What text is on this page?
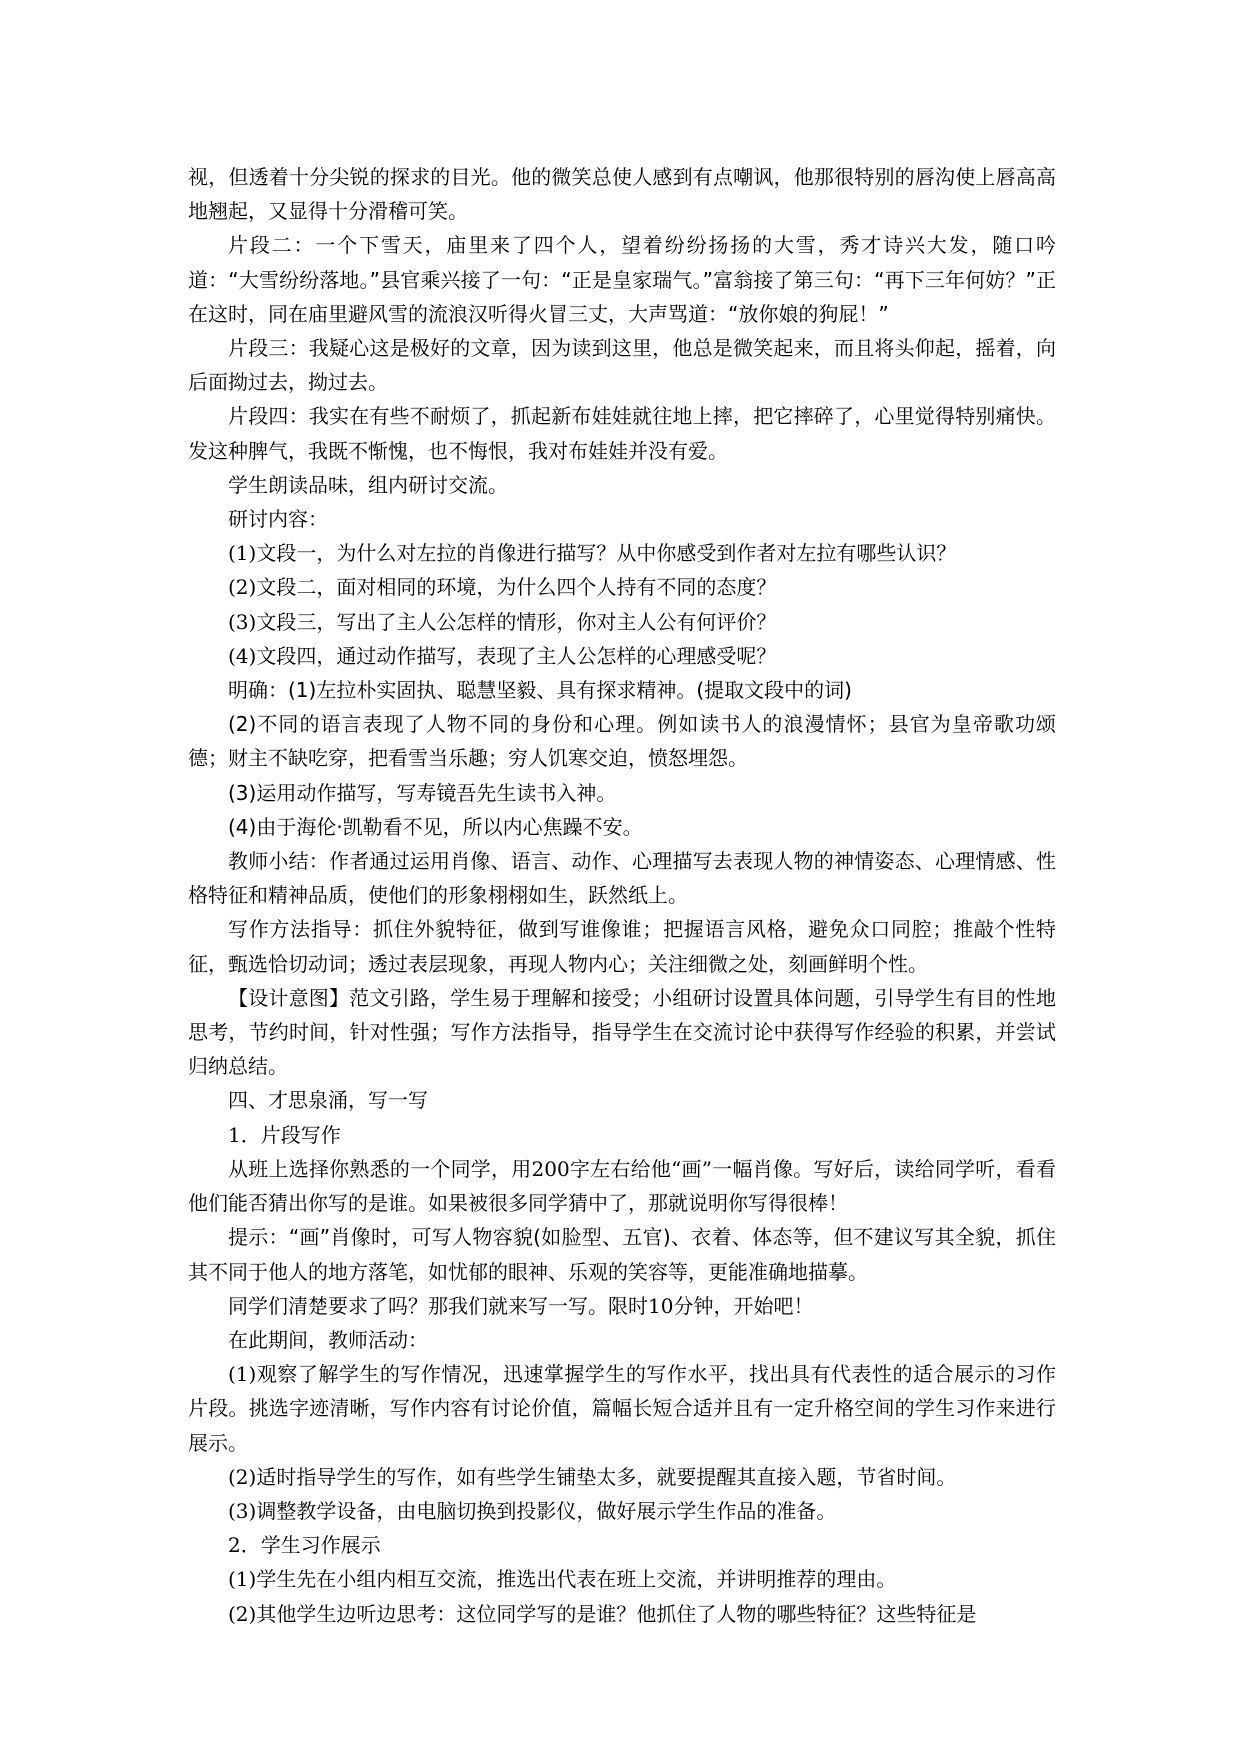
视，但透着十分尖锐的探求的目光。他的微笑总使人感到有点嘲讽，他那很特别的唇沟使上唇高高地翘起，又显得十分滑稽可笑。

片段二：一个下雪天，庙里来了四个人，望着纷纷扬扬的大雪，秀才诗兴大发，随口吟道：“大雪纷纷落地。”县官乘兴接了一句：“正是皇家瑞气。”富翁接了第三句：“再下三年何妨？”正在这时，同在庙里避风雪的流浪汉听得火冒三丈，大声骂道：“放你娘的狗屁！”

片段三：我疑心这是极好的文章，因为读到这里，他总是微笑起来，而且将头仰起，摇着，向后面拗过去，拗过去。

片段四：我实在有些不耐烦了，抓起新布娃娃就往地上摔，把它摔碎了，心里觉得特别痛快。发这种脾气，我既不惭愧，也不悔恨，我对布娃娃并没有爱。

学生朗读品味，组内研讨交流。

研讨内容：

(1)文段一，为什么对左拉的肖像进行描写？从中你感受到作者对左拉有哪些认识？

(2)文段二，面对相同的环境，为什么四个人持有不同的态度？

(3)文段三，写出了主人公怎样的情形，你对主人公有何评价？

(4)文段四，通过动作描写，表现了主人公怎样的心理感受呢？

明确：(1)左拉朴实固执、聪慧坚毅、具有探求精神。(提取文段中的词)

(2)不同的语言表现了人物不同的身份和心理。例如读书人的浪漫情怀；县官为皇帝歌功颂德；财主不缺吃穿，把看雪当乐趣；穷人饥寒交迫，愤怒埋怨。

(3)运用动作描写，写寿镜吾先生读书入神。

(4)由于海伦·凯勒看不见，所以内心焦躁不安。

教师小结：作者通过运用肖像、语言、动作、心理描写去表现人物的神情姿态、心理情感、性格特征和精神品质，使他们的形象栩栩如生，跃然纸上。

写作方法指导：抓住外貌特征，做到写谁像谁；把握语言风格，避免众口同腔；推敲个性特征，甄选恰切动词；透过表层现象，再现人物内心；关注细微之处，刻画鲜明个性。

【设计意图】范文引路，学生易于理解和接受；小组研讨设置具体问题，引导学生有目的性地思考，节约时间，针对性强；写作方法指导，指导学生在交流讨论中获得写作经验的积累，并尝试归纳总结。

四、才思泉涌，写一写

1．片段写作

从班上选择你熟悉的一个同学，用200字左右给他“画”一幅肖像。写好后，读给同学听，看看他们能否猜出你写的是谁。如果被很多同学猜中了，那就说明你写得很棒！

提示：“画”肖像时，可写人物容貌(如脸型、五官)、衣着、体态等，但不建议写其全貌，抓住其不同于他人的地方落笔，如忧郁的眼神、乐观的笑容等，更能准确地描摹。

同学们清楚要求了吗？那我们就来写一写。限时10分钟，开始吧！

在此期间，教师活动：

(1)观察了解学生的写作情况，迅速掌握学生的写作水平，找出具有代表性的适合展示的习作片段。挑选字迹清晰，写作内容有讨论价值，篇幅长短合适并且有一定升格空间的学生习作来进行展示。

(2)适时指导学生的写作，如有些学生铺垫太多，就要提醒其直接入题，节省时间。

(3)调整教学设备，由电脑切换到投影仪，做好展示学生作品的准备。

2．学生习作展示

(1)学生先在小组内相互交流，推选出代表在班上交流，并讲明推荐的理由。

(2)其他学生边听边思考：这位同学写的是谁？他抓住了人物的哪些特征？这些特征是
